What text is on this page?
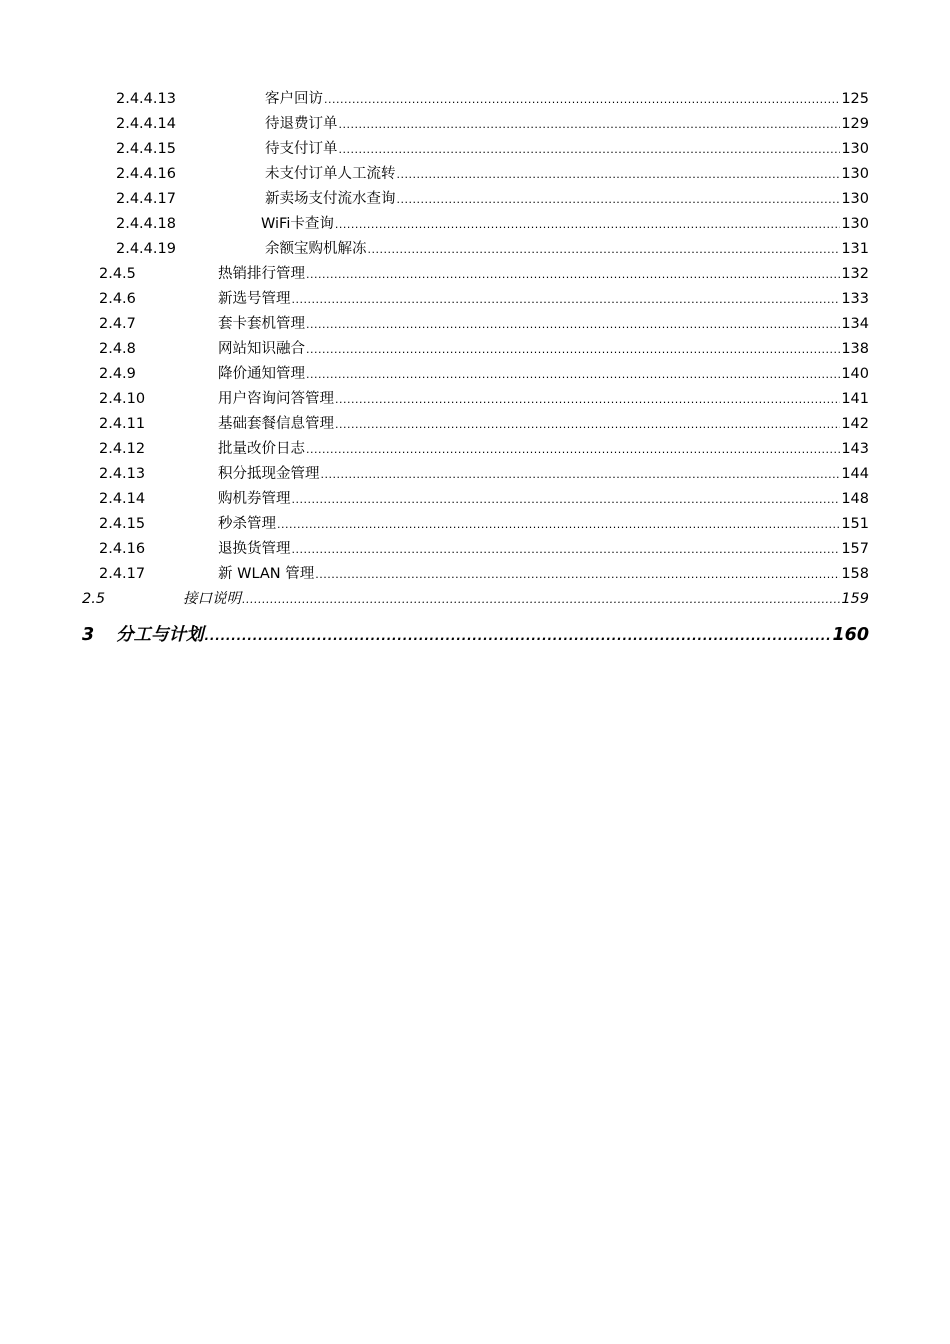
2.4.4.13	客户回访 .....	125
2.4.4.14	待退费订单 .....	129
2.4.4.15	待支付订单 .....	130
2.4.4.16	未支付订单人工流转 .....	130
2.4.4.17	新卖场支付流水查询 .....	130
2.4.4.18	WiFi卡查询 .....	130
2.4.4.19	余额宝购机解冻 .....	131
2.4.5	热销排行管理 .....	132
2.4.6	新选号管理 .....	133
2.4.7	套卡套机管理 .....	134
2.4.8	网站知识融合 .....	138
2.4.9	降价通知管理 .....	140
2.4.10	用户咨询问答管理 .....	141
2.4.11	基础套餐信息管理 .....	142
2.4.12	批量改价日志 .....	143
2.4.13	积分抵现金管理 .....	144
2.4.14	购机券管理 .....	148
2.4.15	秒杀管理 .....	151
2.4.16	退换货管理 .....	157
2.4.17	新 WLAN 管理 .....	158
2.5	接口说明 .....	159
3 分工与计划 .....	160
